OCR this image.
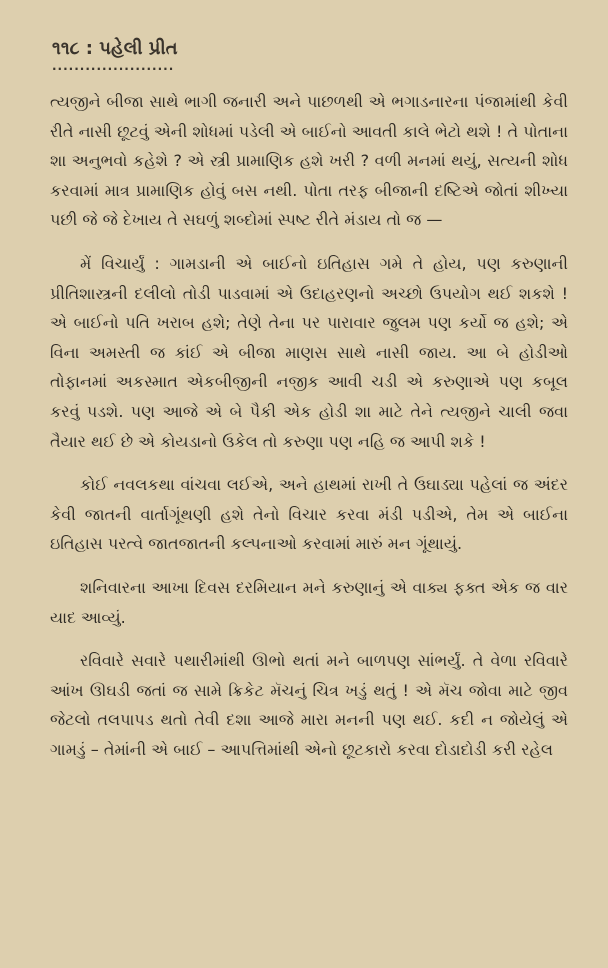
૧૧૮ : પહેલી પ્રીત
......................

ત્યજીને બીજા સાથે ભાગી જનારી અને પાછળથી એ ભગાડનારના પંજામાંથી કેવી રીતે નાસી છૂટવું એની શોધમાં પડેલી એ બાઈનો આવતી કાલે ભેટો થશે ! તે પોતાના શા અનુભવો કહેશે ? એ સ્ત્રી પ્રામાણિક હશે ખરી ? વળી મનમાં થયું, સત્યની શોધ કરવામાં માત્ર પ્રામાણિક હોવું બસ નથી. પોતા તરફ બીજાની દષ્ટિએ જોતાં શીખ્યા પછી જે જે દેખાય તે સઘળું શબ્દોમાં સ્પષ્ટ રીતે મંડાય તો જ —

મેં વિચાર્યું : ગામડાની એ બાઈનો ઇતિહાસ ગમે તે હોય, પણ કરુણાની પ્રીતિશાસ્ત્રની દલીલો તોડી પાડવામાં એ ઉદાહરણનો અચ્છો ઉપયોગ થઈ શકશે ! એ બાઈનો પતિ ખરાબ હશે; તેણે તેના પર પારાવાર જુલમ પણ કર્યો જ હશે; એ વિના અમસ્તી જ કાંઈ એ બીજા માણસ સાથે નાસી જાય. આ બે હોડીઓ તોફાનમાં અકસ્માત એકબીજીની નજીક આવી ચડી એ કરુણાએ પણ કબૂલ કરવું પડશે. પણ આજે એ બે પૈકી એક હોડી શા માટે તેને ત્યજીને ચાલી જવા તૈયાર થઈ છે એ કોયડાનો ઉકેલ તો કરુણા પણ નહિ જ આપી શકે !

કોઈ નવલકથા વાંચવા લઈએ, અને હાથમાં રાખી તે ઉઘાડ્યા પહેલાં જ અંદર કેવી જાતની વાર્તાગૂંથણી હશે તેનો વિચાર કરવા મંડી પડીએ, તેમ એ બાઈના ઇતિહાસ પરત્વે જાતજાતની કલ્પનાઓ કરવામાં મારું મન ગૂંથાયું.

શનિવારના આખા દિવસ દરમિયાન મને કરુણાનું એ વાક્ય ફક્ત એક જ વાર યાદ આવ્યું.

રવિવારે સવારે પથારીમાંથી ઊભો થતાં મને બાળપણ સાંભર્યું. તે વેળા રવિવારે આંખ ઊઘડી જતાં જ સામે ક્રિકેટ મૅચનું ચિત્ર ખડું થતું ! એ મૅચ જોવા માટે જીવ જેટલો તલપાપડ થતો તેવી દશા આજે મારા મનની પણ થઈ. કદી ન જોયેલું એ ગામડું – તેમાંની એ બાઈ – આપત્તિમાંથી એનો છૂટકારો કરવા દોડાદોડી કરી રહેલ
